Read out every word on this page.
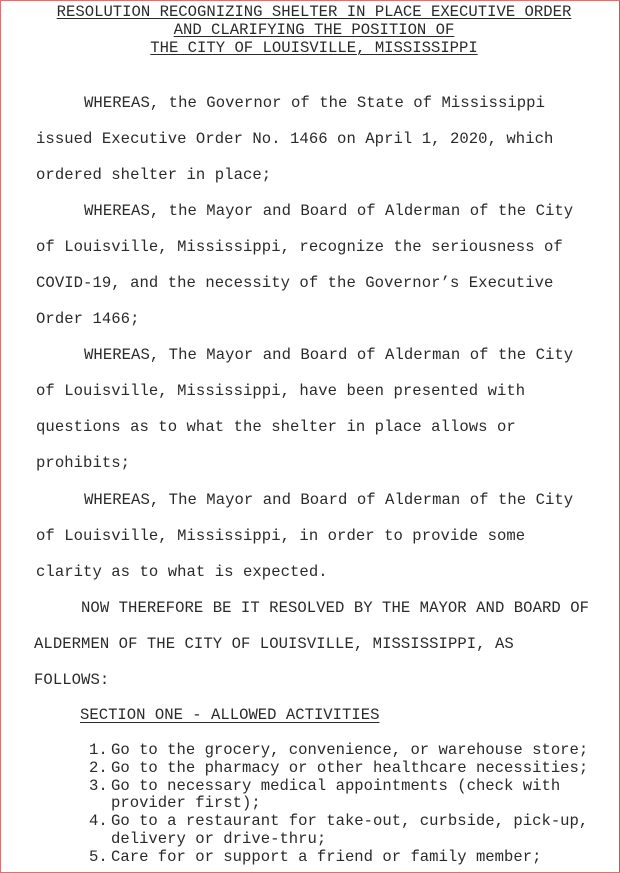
RESOLUTION RECOGNIZING SHELTER IN PLACE EXECUTIVE ORDER
AND CLARIFYING THE POSITION OF
THE CITY OF LOUISVILLE, MISSISSIPPI
WHEREAS, the Governor of the State of Mississippi
issued Executive Order No. 1466 on April 1, 2020, which
ordered shelter in place;
WHEREAS, the Mayor and Board of Alderman of the City
of Louisville, Mississippi, recognize the seriousness of
COVID-19, and the necessity of the Governor’s Executive
Order 1466;
WHEREAS, The Mayor and Board of Alderman of the City
of Louisville, Mississippi, have been presented with
questions as to what the shelter in place allows or
prohibits;
WHEREAS, The Mayor and Board of Alderman of the City
of Louisville, Mississippi, in order to provide some
clarity as to what is expected.
NOW THEREFORE BE IT RESOLVED BY THE MAYOR AND BOARD OF
ALDERMEN OF THE CITY OF LOUISVILLE, MISSISSIPPI, AS
FOLLOWS:
SECTION ONE - ALLOWED ACTIVITIES
1. Go to the grocery, convenience, or warehouse store;
2. Go to the pharmacy or other healthcare necessities;
3. Go to necessary medical appointments (check with
provider first);
4. Go to a restaurant for take-out, curbside, pick-up,
delivery or drive-thru;
5. Care for or support a friend or family member;
